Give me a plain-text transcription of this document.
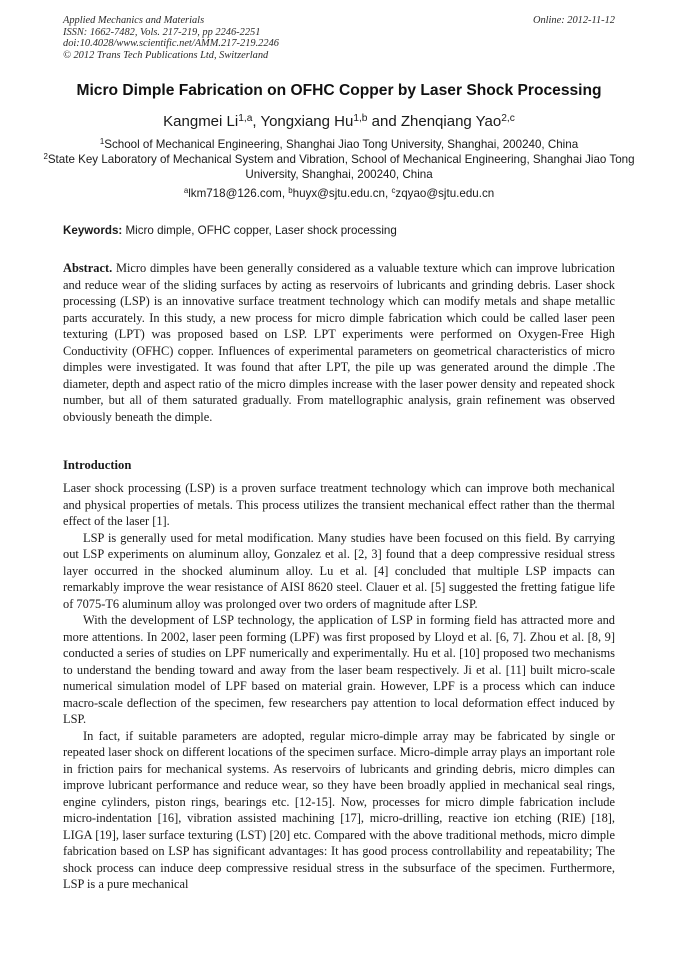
Applied Mechanics and Materials
ISSN: 1662-7482, Vols. 217-219, pp 2246-2251
doi:10.4028/www.scientific.net/AMM.217-219.2246
© 2012 Trans Tech Publications Ltd, Switzerland
Online: 2012-11-12
Micro Dimple Fabrication on OFHC Copper by Laser Shock Processing
Kangmei Li$^{1,a}$, Yongxiang Hu$^{1,b}$ and Zhenqiang Yao$^{2,c}$
$^1$School of Mechanical Engineering, Shanghai Jiao Tong University, Shanghai, 200240, China
$^2$State Key Laboratory of Mechanical System and Vibration, School of Mechanical Engineering, Shanghai Jiao Tong University, Shanghai, 200240, China
$^a$lkm718@126.com, $^b$huyx@sjtu.edu.cn, $^c$zqyao@sjtu.edu.cn
Keywords: Micro dimple, OFHC copper, Laser shock processing

Abstract. Micro dimples have been generally considered as a valuable texture which can improve lubrication and reduce wear of the sliding surfaces by acting as reservoirs of lubricants and grinding debris. Laser shock processing (LSP) is an innovative surface treatment technology which can modify metals and shape metallic parts accurately. In this study, a new process for micro dimple fabrication which could be called laser peen texturing (LPT) was proposed based on LSP. LPT experiments were performed on Oxygen-Free High Conductivity (OFHC) copper. Influences of experimental parameters on geometrical characteristics of micro dimples were investigated. It was found that after LPT, the pile up was generated around the dimple .The diameter, depth and aspect ratio of the micro dimples increase with the laser power density and repeated shock number, but all of them saturated gradually. From matellographic analysis, grain refinement was observed obviously beneath the dimple.

Introduction

Laser shock processing (LSP) is a proven surface treatment technology which can improve both mechanical and physical properties of metals. This process utilizes the transient mechanical effect rather than the thermal effect of the laser [1].

LSP is generally used for metal modification. Many studies have been focused on this field. By carrying out LSP experiments on aluminum alloy, Gonzalez et al. [2, 3] found that a deep compressive residual stress layer occurred in the shocked aluminum alloy. Lu et al. [4] concluded that multiple LSP impacts can remarkably improve the wear resistance of AISI 8620 steel. Clauer et al. [5] suggested the fretting fatigue life of 7075-T6 aluminum alloy was prolonged over two orders of magnitude after LSP.

With the development of LSP technology, the application of LSP in forming field has attracted more and more attentions. In 2002, laser peen forming (LPF) was first proposed by Lloyd et al. [6, 7]. Zhou et al. [8, 9] conducted a series of studies on LPF numerically and experimentally. Hu et al. [10] proposed two mechanisms to understand the bending toward and away from the laser beam respectively. Ji et al. [11] built micro-scale numerical simulation model of LPF based on material grain. However, LPF is a process which can induce macro-scale deflection of the specimen, few researchers pay attention to local deformation effect induced by LSP.

In fact, if suitable parameters are adopted, regular micro-dimple array may be fabricated by single or repeated laser shock on different locations of the specimen surface. Micro-dimple array plays an important role in friction pairs for mechanical systems. As reservoirs of lubricants and grinding debris, micro dimples can improve lubricant performance and reduce wear, so they have been broadly applied in mechanical seal rings, engine cylinders, piston rings, bearings etc. [12-15]. Now, processes for micro dimple fabrication include micro-indentation [16], vibration assisted machining [17], micro-drilling, reactive ion etching (RIE) [18], LIGA [19], laser surface texturing (LST) [20] etc. Compared with the above traditional methods, micro dimple fabrication based on LSP has significant advantages: It has good process controllability and repeatability; The shock process can induce deep compressive residual stress in the subsurface of the specimen. Furthermore, LSP is a pure mechanical
